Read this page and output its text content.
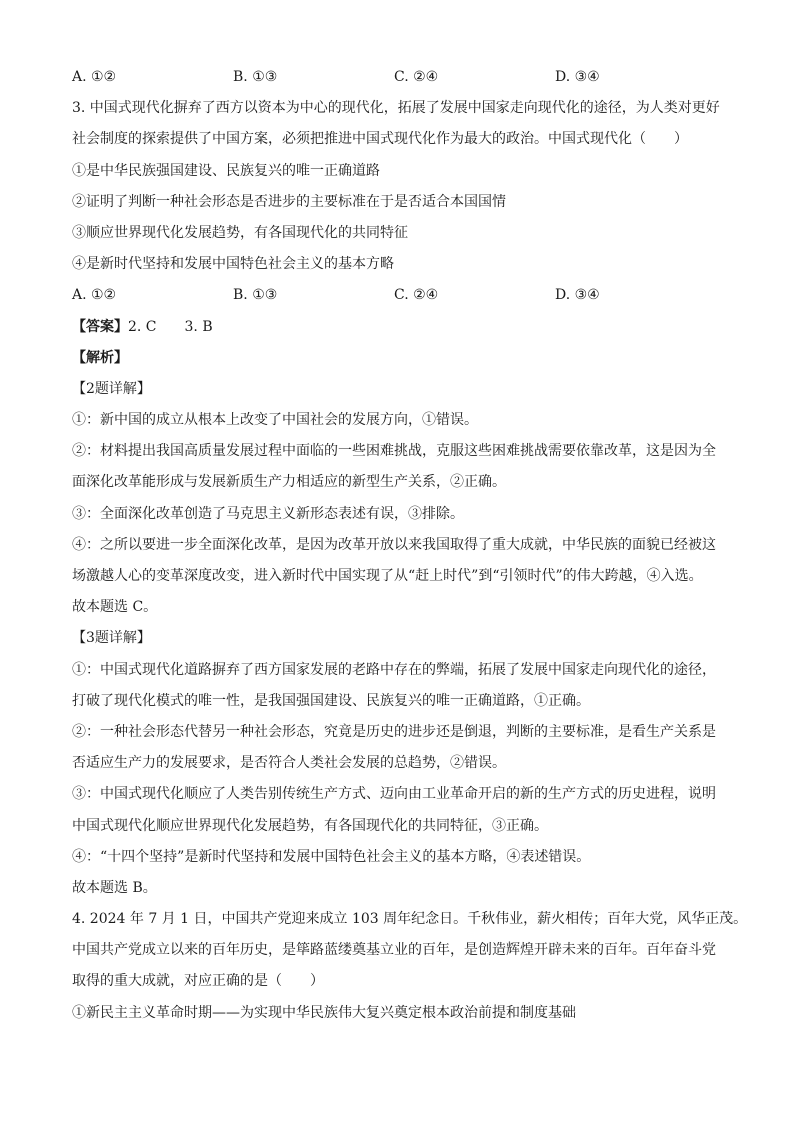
A. ①②	B. ①③	C. ②④	D. ③④
3. 中国式现代化摒弃了西方以资本为中心的现代化，拓展了发展中国家走向现代化的途径，为人类对更好
社会制度的探索提供了中国方案，必须把推进中国式现代化作为最大的政治。中国式现代化（　　）
①是中华民族强国建设、民族复兴的唯一正确道路
②证明了判断一种社会形态是否进步的主要标准在于是否适合本国国情
③顺应世界现代化发展趋势，有各国现代化的共同特征
④是新时代坚持和发展中国特色社会主义的基本方略
A. ①②	B. ①③	C. ②④	D. ③④
【答案】2. C　　3. B
【解析】
【2题详解】
①：新中国的成立从根本上改变了中国社会的发展方向，①错误。
②：材料提出我国高质量发展过程中面临的一些困难挑战，克服这些困难挑战需要依靠改革，这是因为全
面深化改革能形成与发展新质生产力相适应的新型生产关系，②正确。
③：全面深化改革创造了马克思主义新形态表述有误，③排除。
④：之所以要进一步全面深化改革，是因为改革开放以来我国取得了重大成就，中华民族的面貌已经被这
场激越人心的变革深度改变，进入新时代中国实现了从“赶上时代”到“引领时代”的伟大跨越，④入选。
故本题选 C。
【3题详解】
①：中国式现代化道路摒弃了西方国家发展的老路中存在的弊端，拓展了发展中国家走向现代化的途径，
打破了现代化模式的唯一性，是我国强国建设、民族复兴的唯一正确道路，①正确。
②：一种社会形态代替另一种社会形态，究竟是历史的进步还是倒退，判断的主要标准，是看生产关系是
否适应生产力的发展要求，是否符合人类社会发展的总趋势，②错误。
③：中国式现代化顺应了人类告别传统生产方式、迈向由工业革命开启的新的生产方式的历史进程，说明
中国式现代化顺应世界现代化发展趋势，有各国现代化的共同特征，③正确。
④：“十四个坚持”是新时代坚持和发展中国特色社会主义的基本方略，④表述错误。
故本题选 B。
4. 2024 年 7 月 1 日，中国共产党迎来成立 103 周年纪念日。千秋伟业，薪火相传；百年大党，风华正茂。
中国共产党成立以来的百年历史，是筚路蓝缕奠基立业的百年，是创造辉煌开辟未来的百年。百年奋斗党
取得的重大成就，对应正确的是（　　）
①新民主主义革命时期——为实现中华民族伟大复兴奠定根本政治前提和制度基础
